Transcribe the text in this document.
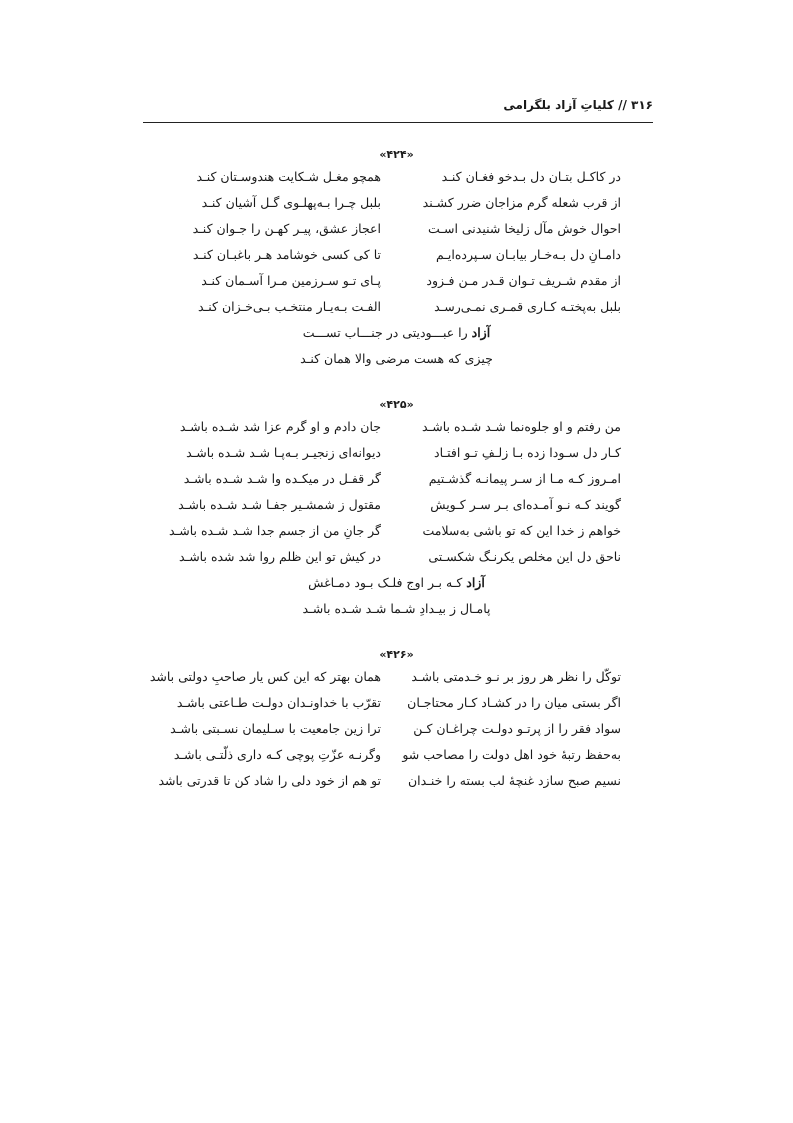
۳۱۶ // کلیاتِ آزاد بلگرامی
«۴۲۴»
در کاکـل بتـان دل بـدخو فغـان کنـد
همچو مغـل شـکایت هندوسـتان کنـد
از قرب شعله گرم مزاجان ضرر کشـند
بلبل چـرا بـه‌پهلـوی گـل آشیان کنـد
احوال خوش مآل زلیخا شنیدنی اسـت
اعجاز عشق، پیـر کهـن را جـوان کنـد
دامـانِ دل بـه‌خـار بیابـان سـپرده‌ایـم
تا کی کسی خوشامد هـر باغبـان کنـد
از مقدم شـریف تـوان قـدر مـن فـزود
پـای تـو سـرزمین مـرا آسـمان کنـد
بلبل به‌پختـه کـاری قمـری نمـی‌رسـد
الفـت بـه‌یـار منتخـب بـی‌خـزان کنـد
آزاد را عبـــودیتی در جنـــاب تســـت
چیزی که هست مرضی والا همان کنـد
«۴۲۵»
من رفتم و او جلوه‌نما شـد شـده باشـد
جان دادم و او گرم عزا شد شـده باشـد
کـار دل سـودا زده بـا زلـفِ تـو افتـاد
دیوانه‌ای زنجیـر بـه‌پـا شـد شـده باشـد
امـروز کـه مـا از سـر پیمانـه گذشـتیم
گر قفـل در میکـده وا شـد شـده باشـد
گویند کـه نـو آمـده‌ای بـر سـر کـویش
مقتول ز شمشـیر جفـا شـد شـده باشـد
خواهم ز خدا این که تو باشی به‌سلامت
گر جانِ من از جسم جدا شـد شـده باشـد
ناحق دل این مخلص یکرنـگ شکسـتی
در کیش تو این ظلم روا شد شده باشـد
آزاد کـه بـر اوج فلـک بـود دمـاغش
پامـال ز بیـدادِ شـما شـد شـده باشـد
«۴۲۶»
توکّل را نظر هر روز بر نـو خـدمتی باشـد
همان بهتر که این کس یار صاحبِ دولتی باشد
اگر بستی میان را در کشـاد کـار محتاجـان
تقرّب با خداونـدان دولـت طـاعتی باشـد
سواد فقر را از پرتـو دولـت چراغـان کـن
ترا زین جامعیت با سـلیمان نسـبتی باشـد
به‌حفظ رتبهٔ خود اهل دولت را مصاحب شو
وگرنـه عزّتِ پوچی کـه داری ذلّتـی باشـد
نسیم صبح سازد غنچهٔ لب بسته را خنـدان
تو هم از خود دلی را شاد کن تا قدرتی باشد
